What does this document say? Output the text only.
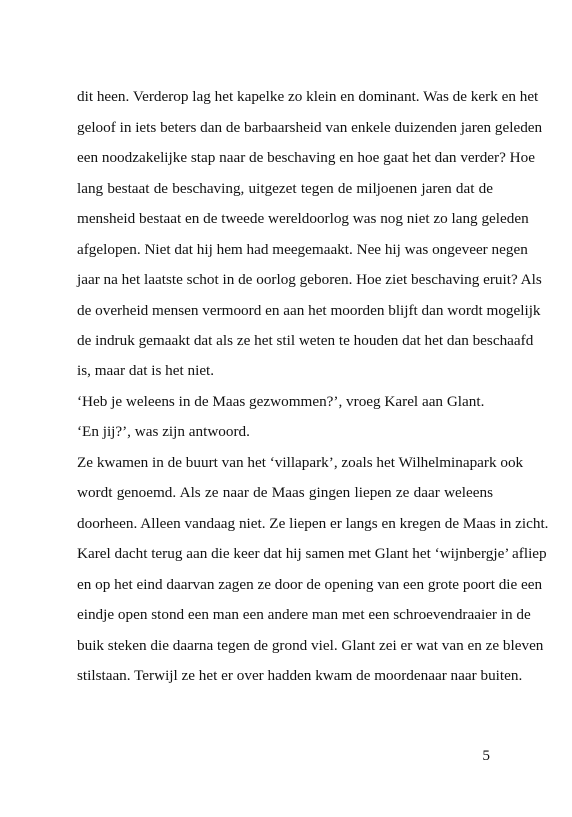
dit heen. Verderop lag het kapelke zo klein en dominant. Was de kerk en het
geloof in iets beters dan de barbaarsheid van enkele duizenden jaren geleden
een noodzakelijke stap naar de beschaving en hoe gaat het dan verder? Hoe
lang bestaat de beschaving, uitgezet tegen de miljoenen jaren dat de
mensheid bestaat en de tweede wereldoorlog was nog niet zo lang geleden
afgelopen. Niet dat hij hem had meegemaakt. Nee hij was ongeveer negen
jaar na het laatste schot in de oorlog geboren. Hoe ziet beschaving eruit? Als
de overheid mensen vermoord en aan het moorden blijft dan wordt mogelijk
de indruk gemaakt dat als ze het stil weten te houden dat het dan beschaafd
is, maar dat is het niet.
‘Heb je weleens in de Maas gezwommen?’, vroeg Karel aan Glant.
‘En jij?’, was zijn antwoord.
Ze kwamen in de buurt van het ‘villapark’, zoals het Wilhelminapark ook
wordt genoemd. Als ze naar de Maas gingen liepen ze daar weleens
doorheen. Alleen vandaag niet. Ze liepen er langs en kregen de Maas in zicht.
Karel dacht terug aan die keer dat hij samen met Glant het ‘wijnbergje’ afliep
en op het eind daarvan zagen ze door de opening van een grote poort die een
eindje open stond een man een andere man met een schroevendraaier in de
buik steken die daarna tegen de grond viel. Glant zei er wat van en ze bleven
stilstaan. Terwijl ze het er over hadden kwam de moordenaar naar buiten.
5
